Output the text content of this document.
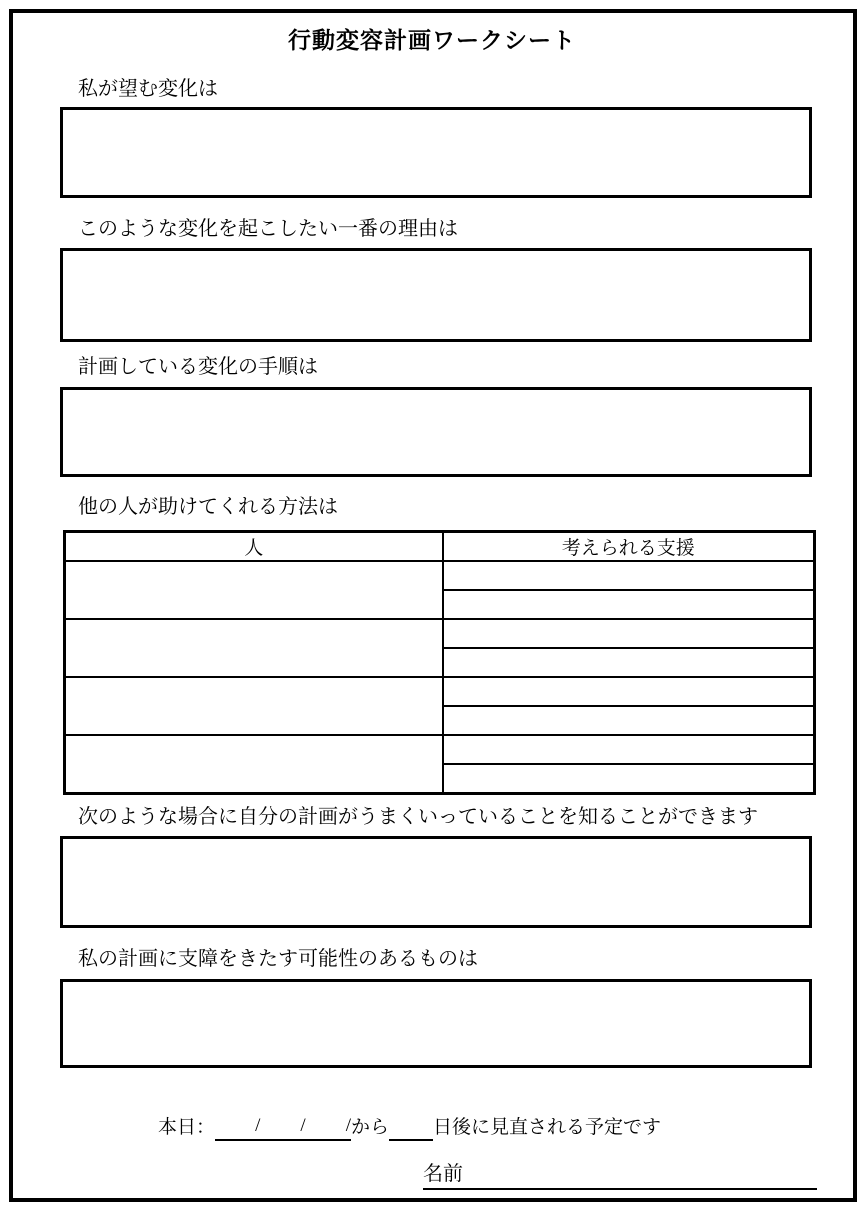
行動変容計画ワークシート
私が望む変化は
このような変化を起こしたい一番の理由は
計画している変化の手順は
他の人が助けてくれる方法は
人	考えられる支援

次のような場合に自分の計画がうまくいっていることを知ることができます
私の計画に支障をきたす可能性のあるものは
本日：	/	/	/ から 日後に見直される予定です
名前
